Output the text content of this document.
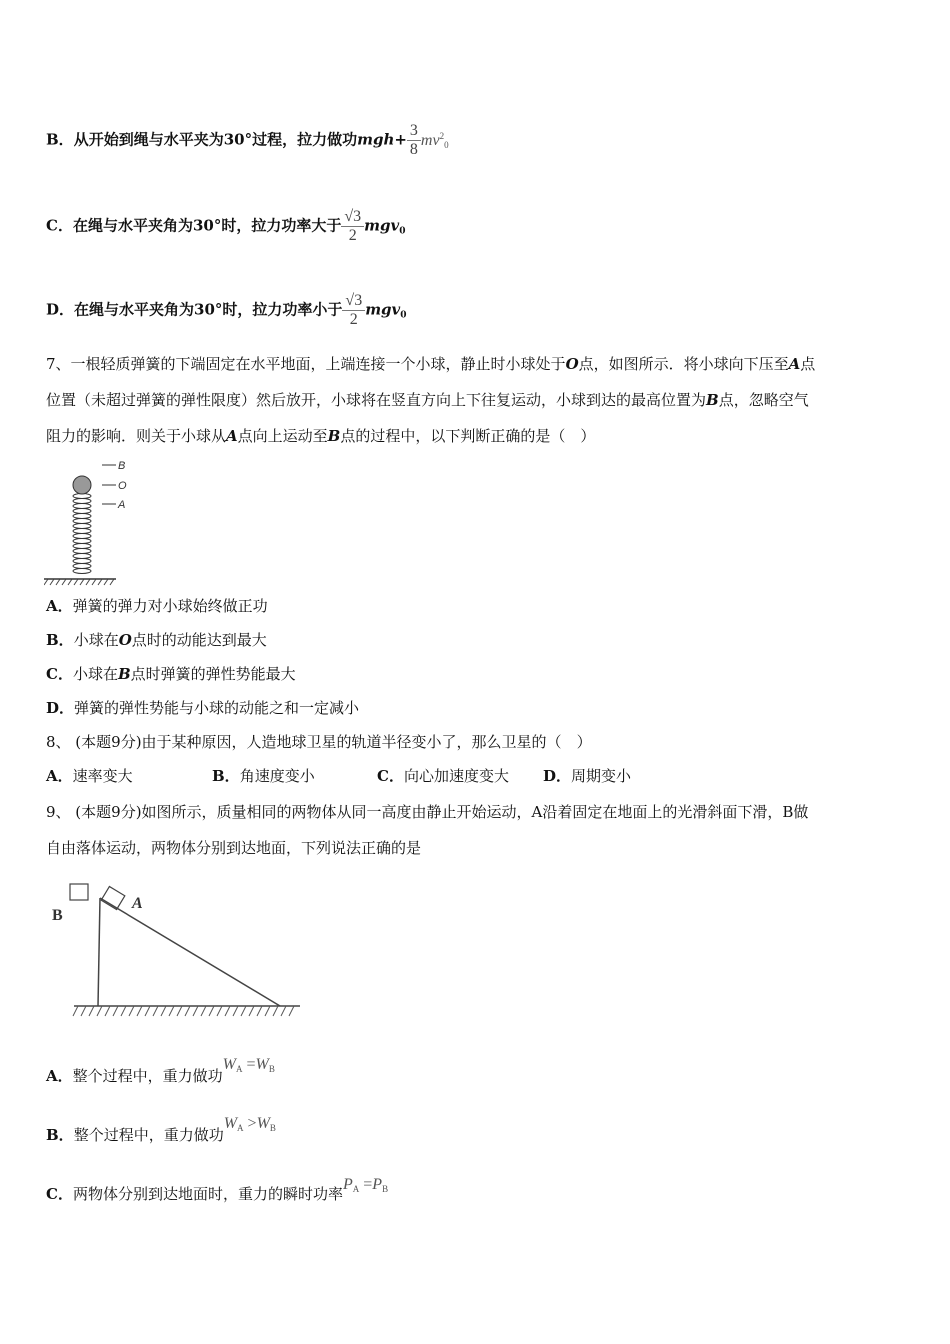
B．从开始到绳与水平夹为30°过程，拉力做功$mgh+ \frac{3}{8} mv^2_0$
C．在绳与水平夹角为30°时，拉力功率大于 $\frac{√3}{2} mgv_0$
D．在绳与水平夹角为30°时，拉力功率小于 $\frac{√3}{2} mgv_0$
7、一根轻质弹簧的下端固定在水平地面，上端连接一个小球，静止时小球处于O点，如图所示．将小球向下压至A点
位置（未超过弹簧的弹性限度）然后放开，小球将在竖直方向上下往复运动，小球到达的最高位置为B点，忽略空气
阻力的影响．则关于小球从A点向上运动至B点的过程中，以下判断正确的是（　）
B
O
A
A．弹簧的弹力对小球始终做正功
B．小球在O点时的动能达到最大
C．小球在B点时弹簧的弹性势能最大
D．弹簧的弹性势能与小球的动能之和一定减小
8、 (本题9分)由于某种原因，人造地球卫星的轨道半径变小了，那么卫星的（　）
A．速率变大	B．角速度变小	C．向心加速度变大 D．周期变小
9、 (本题9分)如图所示，质量相同的两物体从同一高度由静止开始运动，A沿着固定在地面上的光滑斜面下滑，B做
自由落体运动，两物体分别到达地面，下列说法正确的是
B
A
A．整个过程中，重力做功$W_A =W_B$
B．整个过程中，重力做功$W_A >W_B$
C．两物体分别到达地面时，重力的瞬时功率$P_A =P_B$
